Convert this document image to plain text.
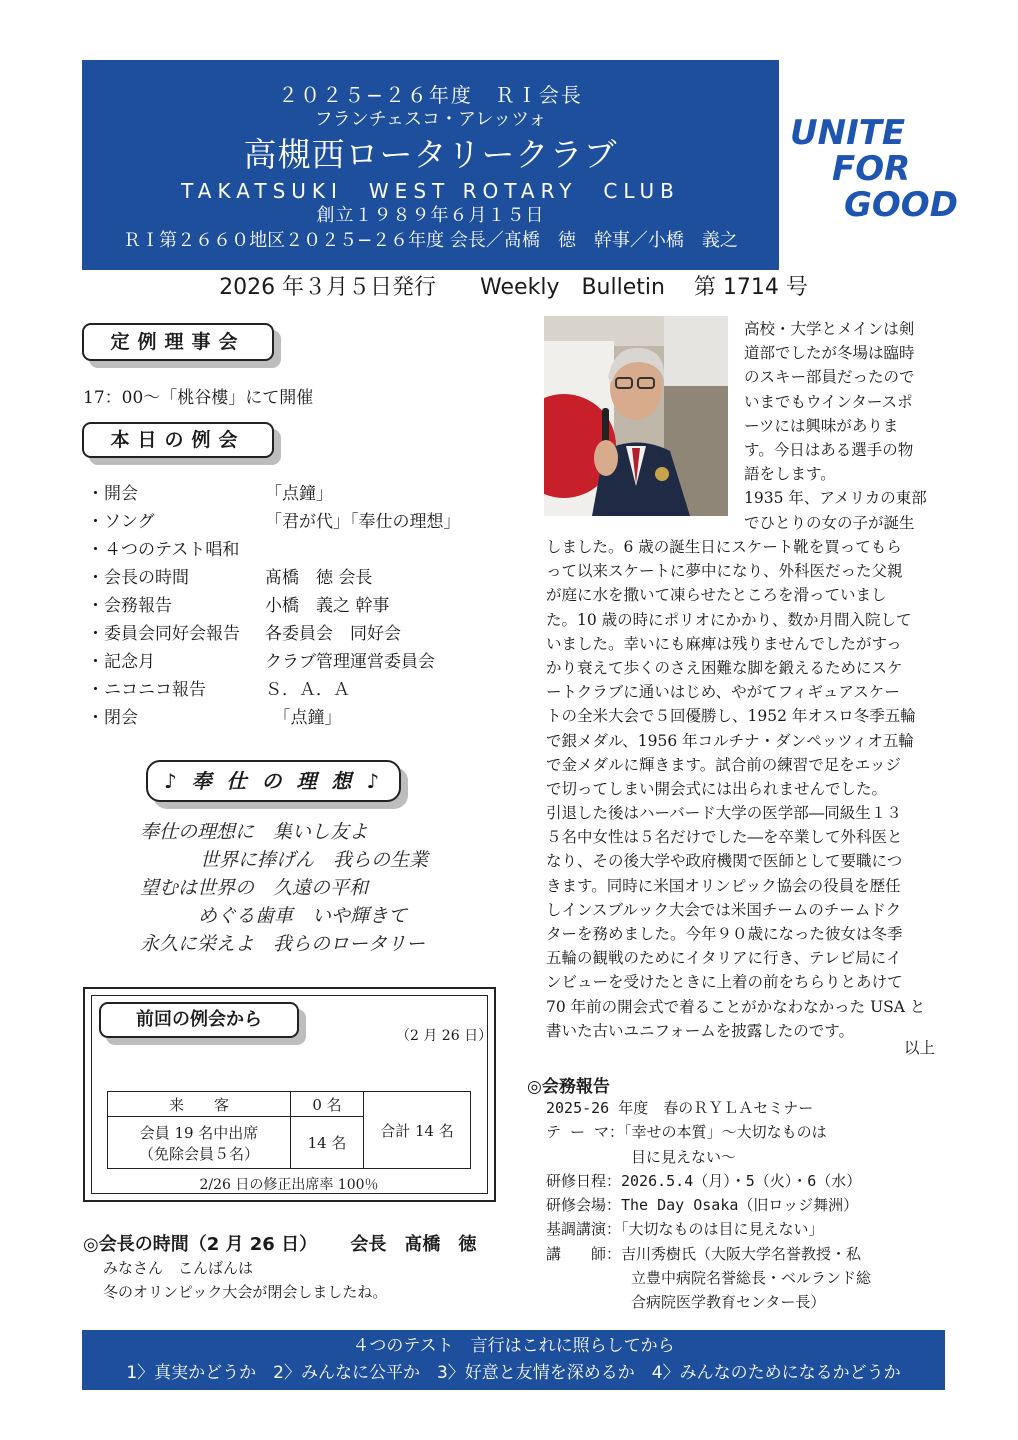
２０２５−２６年度　ＲＩ会長
フランチェスコ・アレッツォ
高槻西ロータリークラブ
TAKATSUKI　WEST ROTARY　CLUB
創立１９８９年６月１５日
ＲＩ第２６６０地区２０２５−２６年度 会長／髙橋　徳　幹事／小橋　義之
UNITE
FOR
GOOD
2026 年３月５日発行　　Weekly　Bulletin　 第 1714 号
定例理事会
17：00〜「桃谷樓」にて開催
本日の例会
・開会	「点鐘」
・ソング	「君が代」「奉仕の理想」
・４つのテスト唱和
・会長の時間	髙橋　徳 会長
・会務報告	小橋　義之 幹事
・委員会同好会報告 各委員会　同好会
・記念月	クラブ管理運営委員会
・ニコニコ報告	Ｓ．Ａ．Ａ
・閉会	　「点鐘」
♪ 奉 仕 の 理 想 ♪
奉仕の理想に　集いし友よ
世界に捧げん　我らの生業
望むは世界の　久遠の平和
めぐる歯車　いや輝きて
永久に栄えよ　我らのロータリー
前回の例会から
（2 月 26 日）
来　　客	0 名	合計 14 名
会員 19 名中出席
（免除会員５名）	14 名	
2/26 日の修正出席率 100％
◎会長の時間（2 月 26 日）　　 会長　髙橋　徳
みなさん　こんばんは
冬のオリンピック大会が閉会しましたね。
高校・大学とメインは剣
道部でしたが冬場は臨時
のスキー部員だったので
いまでもウインタースポ
ーツには興味がありま
す。今日はある選手の物
語をします。
1935 年、アメリカの東部
でひとりの女の子が誕生
しました。6 歳の誕生日にスケート靴を買ってもら
って以来スケートに夢中になり、外科医だった父親
が庭に水を撒いて凍らせたところを滑っていまし
た。10 歳の時にポリオにかかり、数か月間入院して
いました。幸いにも麻痺は残りませんでしたがすっ
かり衰えて歩くのさえ困難な脚を鍛えるためにスケ
ートクラブに通いはじめ、やがてフィギュアスケー
トの全米大会で５回優勝し、1952 年オスロ冬季五輪
で銀メダル、1956 年コルチナ・ダンペッツィオ五輪
で金メダルに輝きます。試合前の練習で足をエッジ
で切ってしまい開会式には出られませんでした。
引退した後はハーバード大学の医学部―同級生１３
５名中女性は５名だけでした―を卒業して外科医と
なり、その後大学や政府機関で医師として要職につ
きます。同時に米国オリンピック協会の役員を歴任
しインスブルック大会では米国チームのチームドク
ターを務めました。今年９０歳になった彼女は冬季
五輪の観戦のためにイタリアに行き、テレビ局にイ
ンビューを受けたときに上着の前をちらりとあけて
70 年前の開会式で着ることがかなわなかった USA と
書いた古いユニフォームを披露したのです。
以上
◎会務報告
2025-26 年度　春のＲＹＬＡセミナー
テ ー マ：「幸せの本質」〜大切なものは
目に見えない〜
研修日程：2026.5.4（月）・5（火）・6（水）
研修会場：The Day Osaka（旧ロッジ舞洲）
基調講演：「大切なものは目に見えない」
講　　師：吉川秀樹氏（大阪大学名誉教授・私
立豊中病院名誉総長・ベルランド総
合病院医学教育センター長）
４つのテスト　言行はこれに照らしてから
1〉真実かどうか　2〉みんなに公平か　3〉好意と友情を深めるか　4〉みんなのためになるかどうか
